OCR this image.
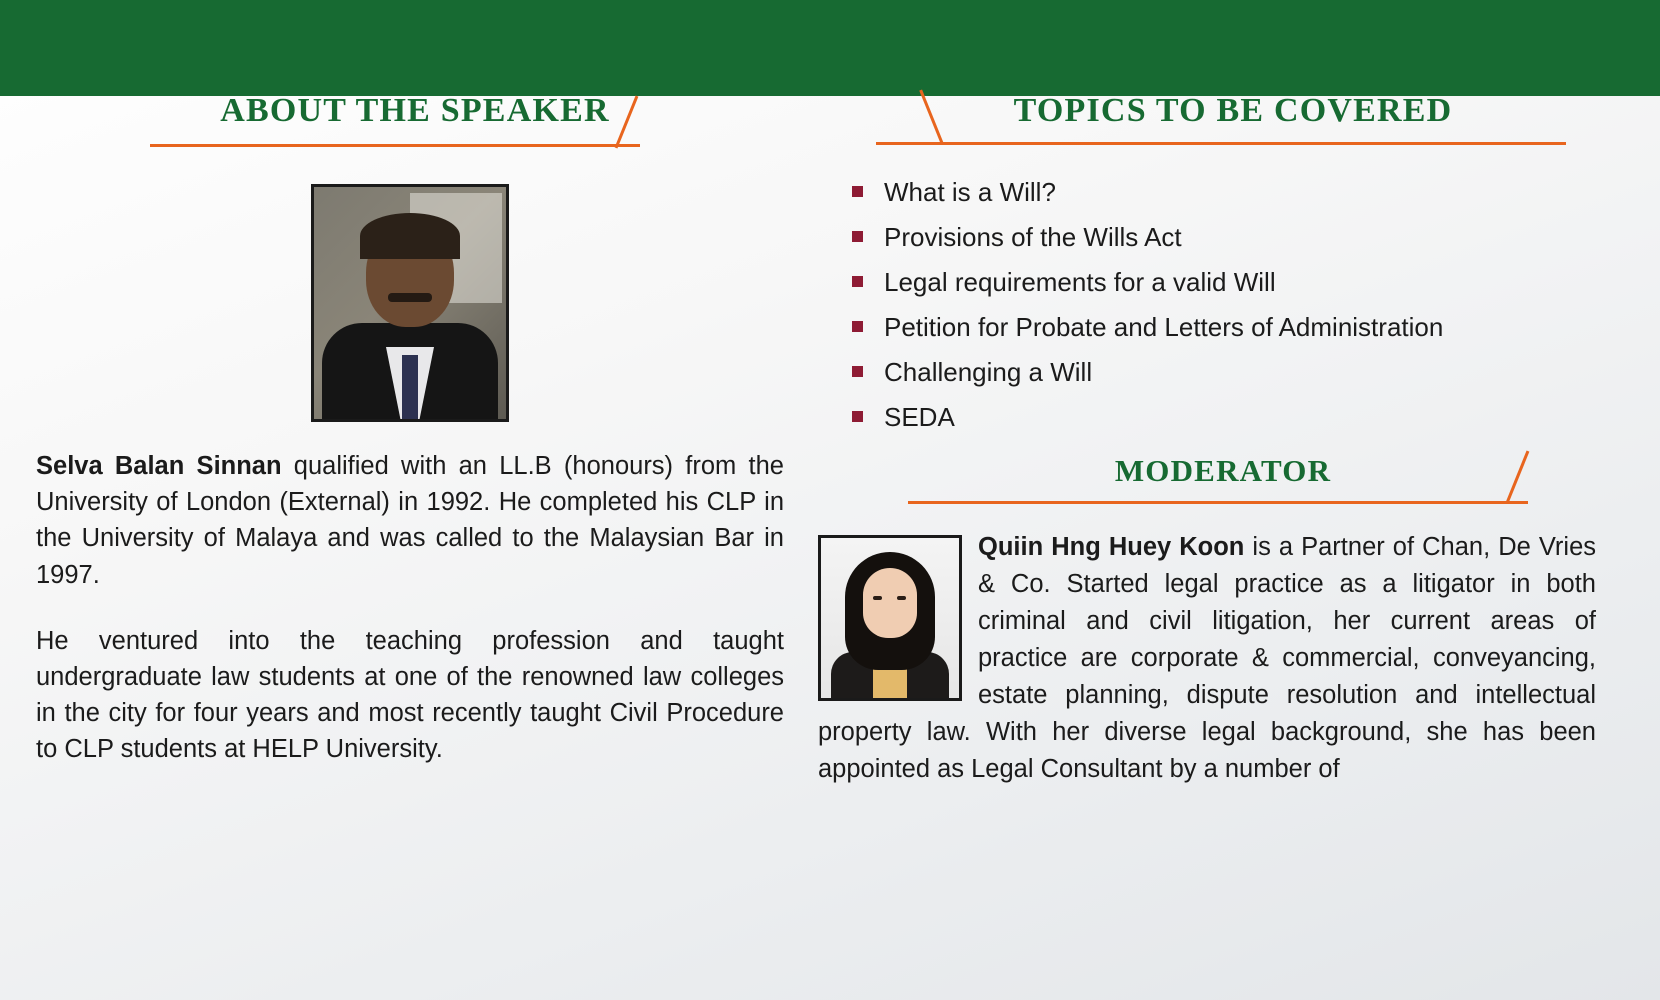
ABOUT THE SPEAKER

Selva Balan Sinnan qualified with an LL.B (honours) from the University of London (External) in 1992. He completed his CLP in the University of Malaya and was called to the Malaysian Bar in 1997.

He ventured into the teaching profession and taught undergraduate law students at one of the renowned law colleges in the city for four years and most recently taught Civil Procedure to CLP students at HELP University.

TOPICS TO BE COVERED
What is a Will?
Provisions of the Wills Act
Legal requirements for a valid Will
Petition for Probate and Letters of Administration
Challenging a Will
SEDA
MODERATOR
Quiin Hng Huey Koon is a Partner of Chan, De Vries & Co. Started legal practice as a litigator in both criminal and civil litigation, her current areas of practice are corporate & commercial, conveyancing, estate planning, dispute resolution and intellectual property law. With her diverse legal background, she has been appointed as Legal Consultant by a number of
